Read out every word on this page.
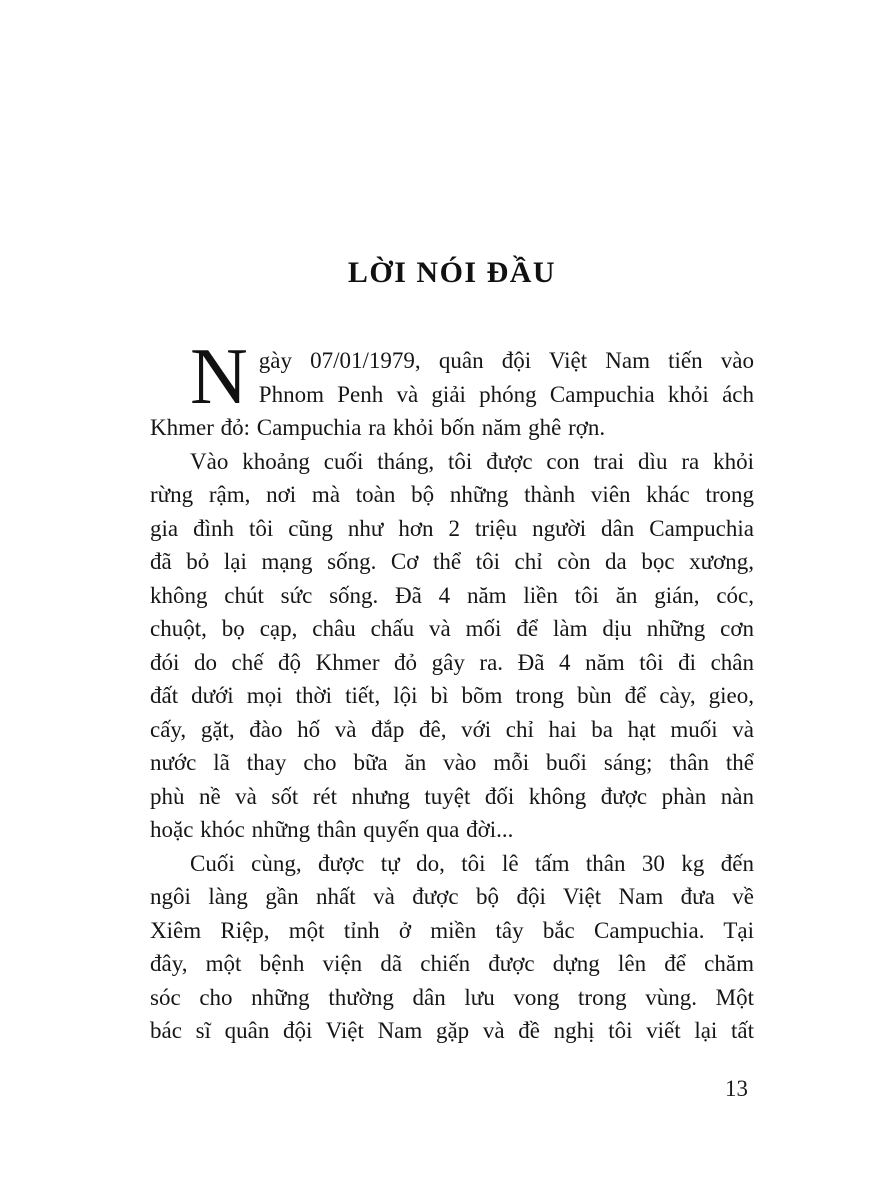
LỜI NÓI ĐẦU
N gày 07/01/1979, quân đội Việt Nam tiến vào
Phnom Penh và giải phóng Campuchia khỏi ách
Khmer đỏ: Campuchia ra khỏi bốn năm ghê rợn.
Vào khoảng cuối tháng, tôi được con trai dìu ra khỏi
rừng rậm, nơi mà toàn bộ những thành viên khác trong
gia đình tôi cũng như hơn 2 triệu người dân Campuchia
đã bỏ lại mạng sống. Cơ thể tôi chỉ còn da bọc xương,
không chút sức sống. Đã 4 năm liền tôi ăn gián, cóc,
chuột, bọ cạp, châu chấu và mối để làm dịu những cơn
đói do chế độ Khmer đỏ gây ra. Đã 4 năm tôi đi chân
đất dưới mọi thời tiết, lội bì bõm trong bùn để cày, gieo,
cấy, gặt, đào hố và đắp đê, với chỉ hai ba hạt muối và
nước lã thay cho bữa ăn vào mỗi buổi sáng; thân thể
phù nề và sốt rét nhưng tuyệt đối không được phàn nàn
hoặc khóc những thân quyến qua đời...
Cuối cùng, được tự do, tôi lê tấm thân 30 kg đến
ngôi làng gần nhất và được bộ đội Việt Nam đưa về
Xiêm Riệp, một tỉnh ở miền tây bắc Campuchia. Tại
đây, một bệnh viện dã chiến được dựng lên để chăm
sóc cho những thường dân lưu vong trong vùng. Một
bác sĩ quân đội Việt Nam gặp và đề nghị tôi viết lại tất
13
